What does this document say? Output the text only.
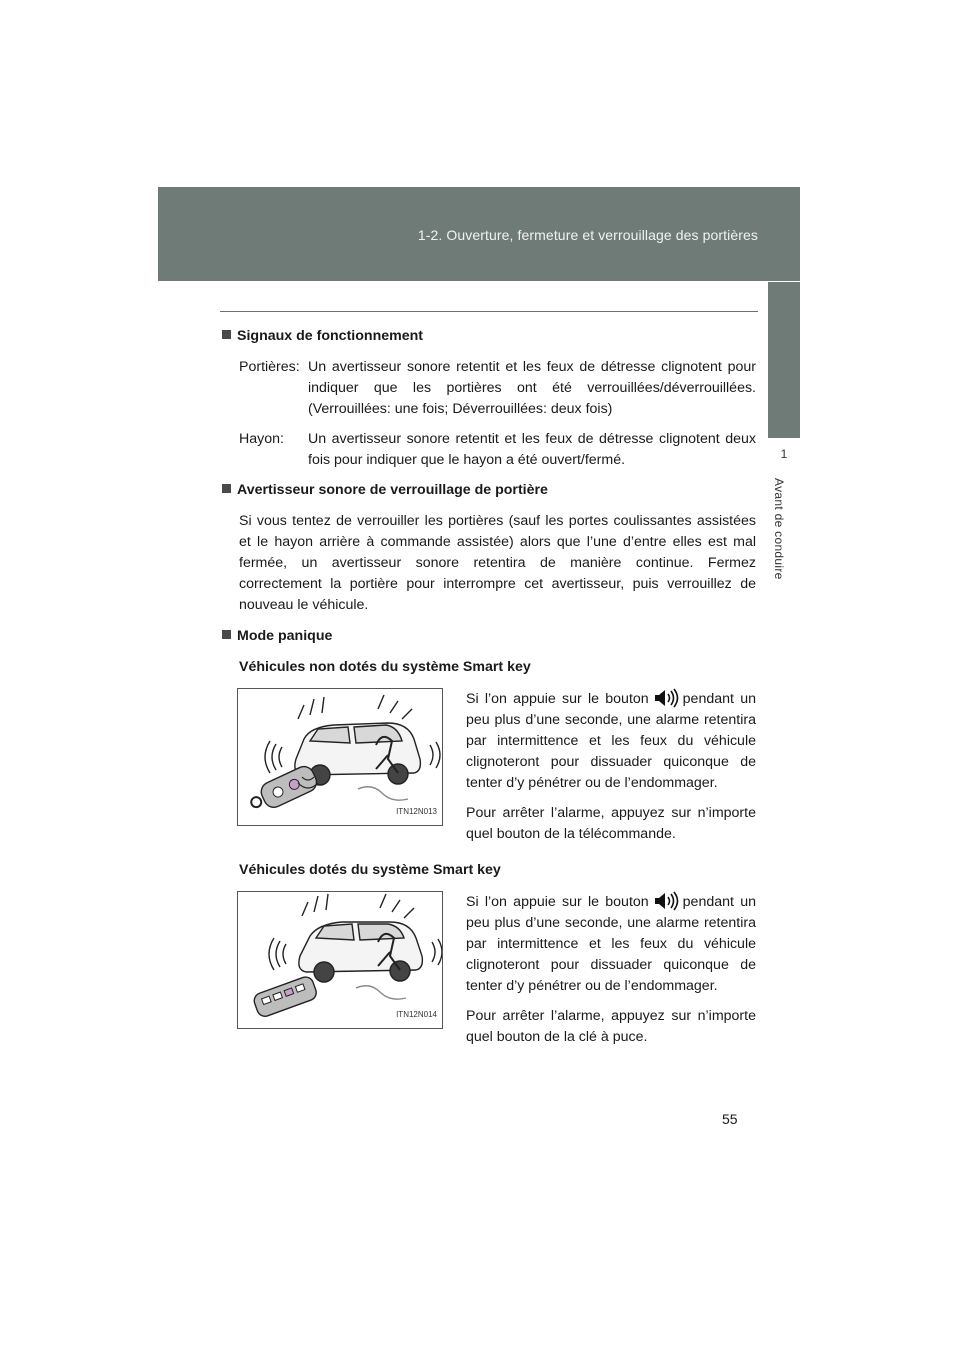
1-2. Ouverture, fermeture et verrouillage des portières
1
Avant de conduire
Signaux de fonctionnement
Portières: Un avertisseur sonore retentit et les feux de détresse clignotent pour indiquer que les portières ont été verrouillées/déverrouillées. (Verrouillées: une fois; Déverrouillées: deux fois)
Hayon:	Un avertisseur sonore retentit et les feux de détresse clignotent deux fois pour indiquer que le hayon a été ouvert/fermé.
Avertisseur sonore de verrouillage de portière
Si vous tentez de verrouiller les portières (sauf les portes coulissantes assistées et le hayon arrière à commande assistée) alors que l’une d’entre elles est mal fermée, un avertisseur sonore retentira de manière continue. Fermez correctement la portière pour interrompre cet avertisseur, puis verrouillez de nouveau le véhicule.
Mode panique
Véhicules non dotés du système Smart key
ITN12N013

Si l’on appuie sur le bouton pendant un peu plus d’une seconde, une alarme retentira par intermittence et les feux du véhicule clignoteront pour dissuader quiconque de tenter d’y pénétrer ou de l’endommager.

Pour arrêter l’alarme, appuyez sur n’importe quel bouton de la télécommande.

Véhicules dotés du système Smart key
ITN12N014

Si l’on appuie sur le bouton pendant un peu plus d’une seconde, une alarme retentira par intermittence et les feux du véhicule clignoteront pour dissuader quiconque de tenter d’y pénétrer ou de l’endommager.

Pour arrêter l’alarme, appuyez sur n’importe quel bouton de la clé à puce.

55
